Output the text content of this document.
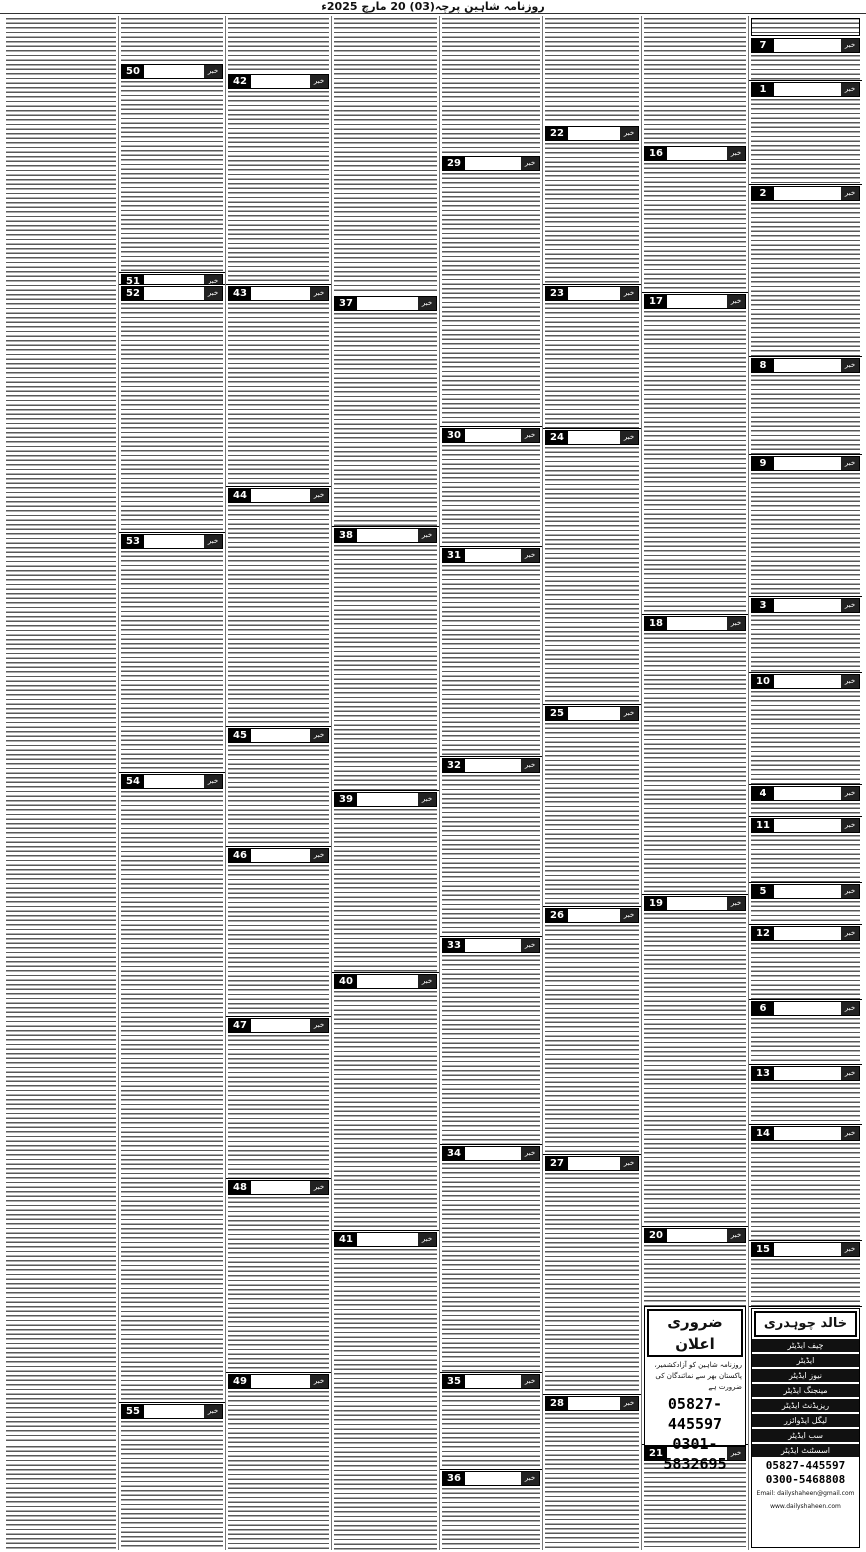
روزنامہ شاہین پرچہ(03) 20 مارچ 2025ء
7	خبر
1	خبر
2	خبر
8	خبر
9	خبر
3	خبر
10	خبر
4	خبر
11	خبر
5	خبر
12	خبر
6	خبر
13	خبر
14	خبر
15	خبر
خالد چوہدری
چیف ایڈیٹر
ایڈیٹر
نیوز ایڈیٹر
مینجنگ ایڈیٹر
ریزیڈنٹ ایڈیٹر
لیگل ایڈوائزر
سب ایڈیٹر
اسسٹنٹ ایڈیٹر
05827-445597
0300-5468808
Email: dailyshaheen@gmail.com
www.dailyshaheen.com
16	خبر
17	خبر
18	خبر
19	خبر
20	خبر
21	خبر
ضروری اعلان
روزنامہ شاہین کو آزادکشمیر، پاکستان بھر سے نمائندگان کی ضرورت ہے
05827-445597
0301-5832695
22	خبر
23	خبر
24	خبر
25	خبر
26	خبر
27	خبر
28	خبر
29	خبر
30	خبر
31	خبر
32	خبر
33	خبر
34	خبر
35	خبر
36	خبر
37	خبر
38	خبر
39	خبر
40	خبر
41	خبر
42	خبر
43	خبر
44	خبر
45	خبر
46	خبر
47	خبر
48	خبر
49	خبر
50	خبر
51	خبر
52	خبر
53	خبر
54	خبر
55	خبر
